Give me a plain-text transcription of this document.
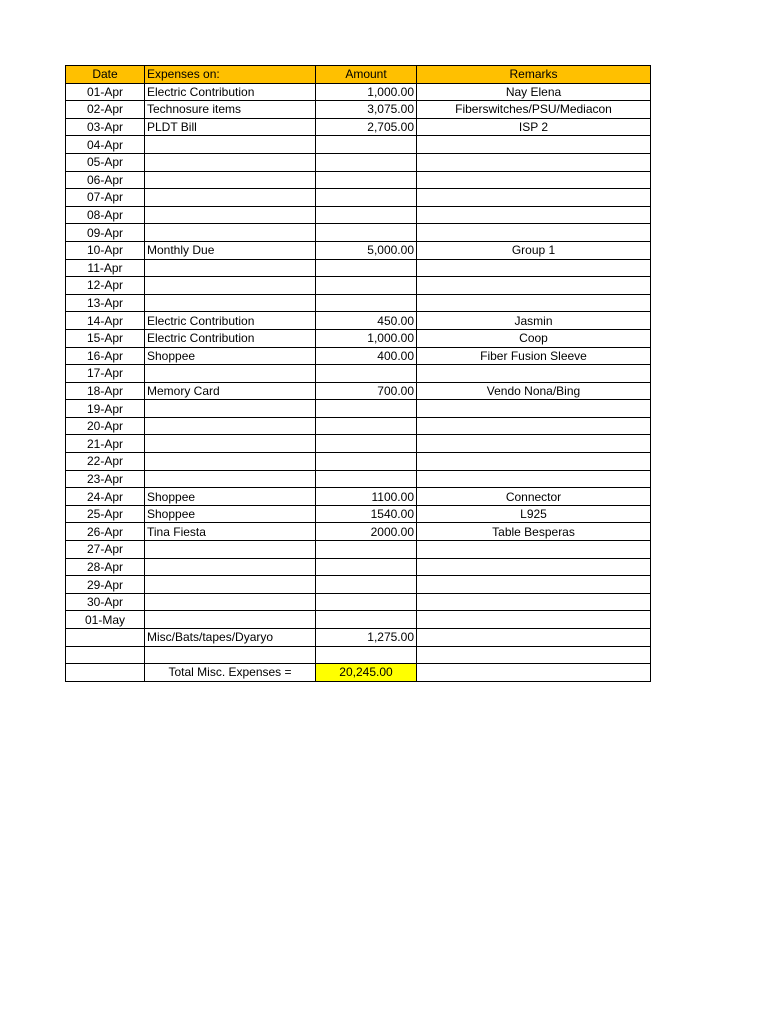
Date	Expenses on:	Amount	Remarks
01-Apr	Electric Contribution	1,000.00	Nay Elena
02-Apr	Technosure items	3,075.00	Fiberswitches/PSU/Mediacon
03-Apr	PLDT Bill	2,705.00	ISP 2
04-Apr			
05-Apr			
06-Apr			
07-Apr			
08-Apr			
09-Apr			
10-Apr	Monthly Due	5,000.00	Group 1
11-Apr			
12-Apr			
13-Apr			
14-Apr	Electric Contribution	450.00	Jasmin
15-Apr	Electric Contribution	1,000.00	Coop
16-Apr	Shoppee	400.00	Fiber Fusion Sleeve
17-Apr			
18-Apr	Memory Card	700.00	Vendo Nona/Bing
19-Apr			
20-Apr			
21-Apr			
22-Apr			
23-Apr			
24-Apr	Shoppee	1100.00	Connector
25-Apr	Shoppee	1540.00	L925
26-Apr	Tina Fiesta	2000.00	Table Besperas
27-Apr			
28-Apr			
29-Apr			
30-Apr			
01-May			
	Misc/Bats/tapes/Dyaryo	1,275.00	

	Total Misc. Expenses =	20,245.00	
